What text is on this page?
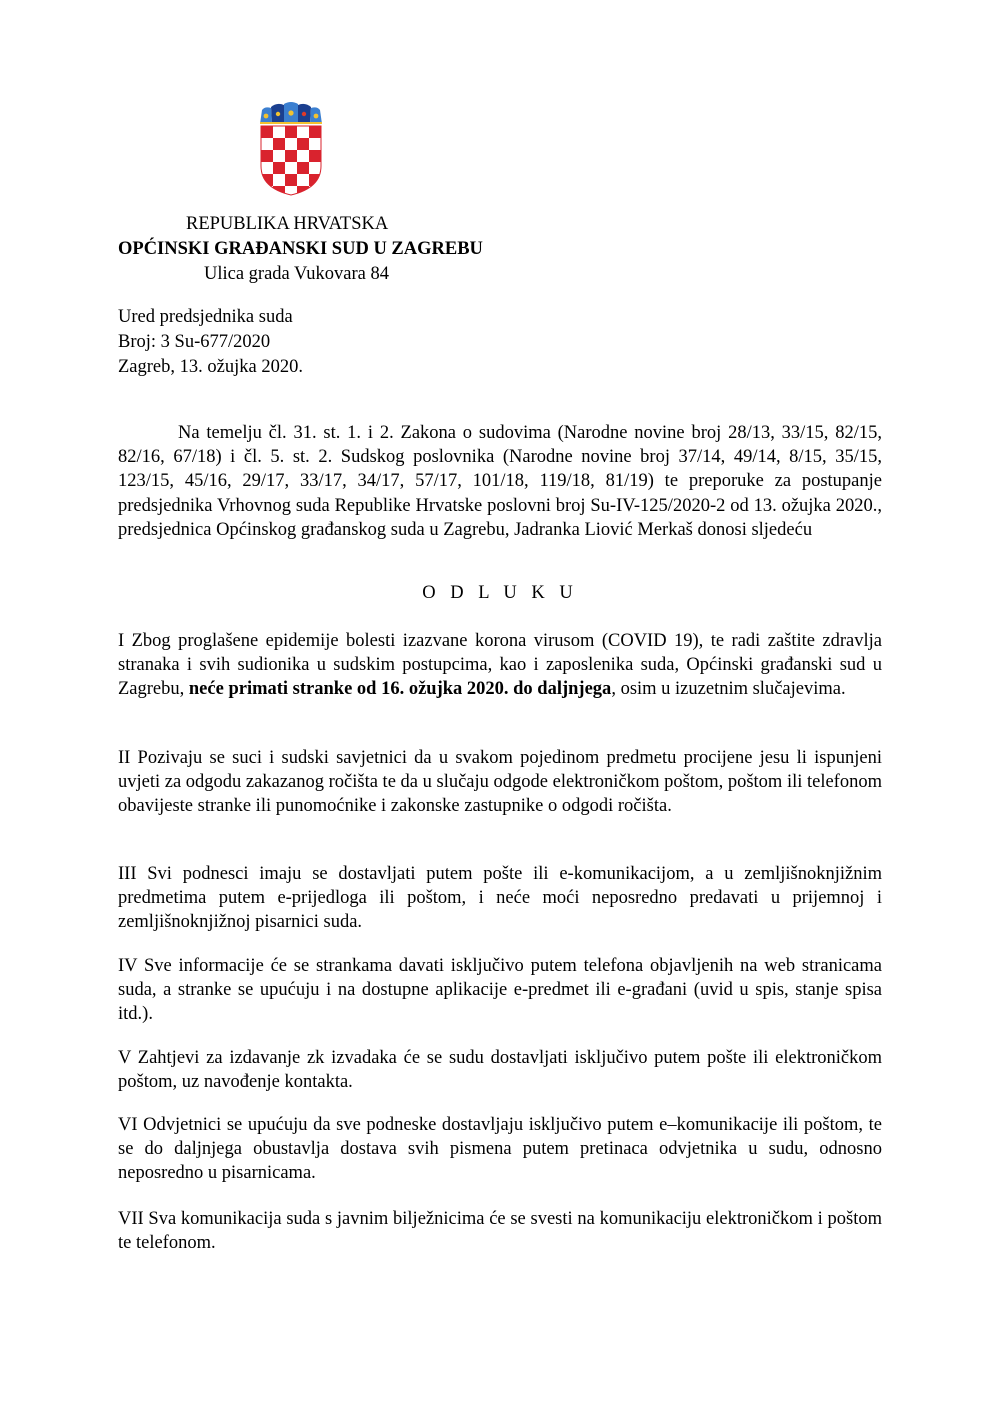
REPUBLIKA HRVATSKA
OPĆINSKI GRAĐANSKI SUD U ZAGREBU
Ulica grada Vukovara 84
Ured predsjednika suda
Broj: 3 Su-677/2020
Zagreb, 13. ožujka 2020.

Na temelju čl. 31. st. 1. i 2. Zakona o sudovima (Narodne novine broj 28/13, 33/15, 82/15, 82/16, 67/18) i čl. 5. st. 2. Sudskog poslovnika (Narodne novine broj 37/14, 49/14, 8/15, 35/15, 123/15, 45/16, 29/17, 33/17, 34/17, 57/17, 101/18, 119/18, 81/19) te preporuke za postupanje predsjednika Vrhovnog suda Republike Hrvatske poslovni broj Su-IV-125/2020-2 od 13. ožujka 2020., predsjednica Općinskog građanskog suda u Zagrebu, Jadranka Liović Merkaš donosi sljedeću

O D L U K U

I Zbog proglašene epidemije bolesti izazvane korona virusom (COVID 19), te radi zaštite zdravlja stranaka i svih sudionika u sudskim postupcima, kao i zaposlenika suda, Općinski građanski sud u Zagrebu, neće primati stranke od 16. ožujka 2020. do daljnjega, osim u izuzetnim slučajevima.

II Pozivaju se suci i sudski savjetnici da u svakom pojedinom predmetu procijene jesu li ispunjeni uvjeti za odgodu zakazanog ročišta te da u slučaju odgode elektroničkom poštom, poštom ili telefonom obavijeste stranke ili punomoćnike i zakonske zastupnike o odgodi ročišta.

III Svi podnesci imaju se dostavljati putem pošte ili e-komunikacijom, a u zemljišnoknjižnim predmetima putem e-prijedloga ili poštom, i neće moći neposredno predavati u prijemnoj i zemljišnoknjižnoj pisarnici suda.

IV Sve informacije će se strankama davati isključivo putem telefona objavljenih na web stranicama suda, a stranke se upućuju i na dostupne aplikacije e-predmet ili e-građani (uvid u spis, stanje spisa itd.).

V Zahtjevi za izdavanje zk izvadaka će se sudu dostavljati isključivo putem pošte ili elektroničkom poštom, uz navođenje kontakta.

VI Odvjetnici se upućuju da sve podneske dostavljaju isključivo putem e–komunikacije ili poštom, te se do daljnjega obustavlja dostava svih pismena putem pretinaca odvjetnika u sudu, odnosno neposredno u pisarnicama.

VII Sva komunikacija suda s javnim bilježnicima će se svesti na komunikaciju elektroničkom i poštom te telefonom.
